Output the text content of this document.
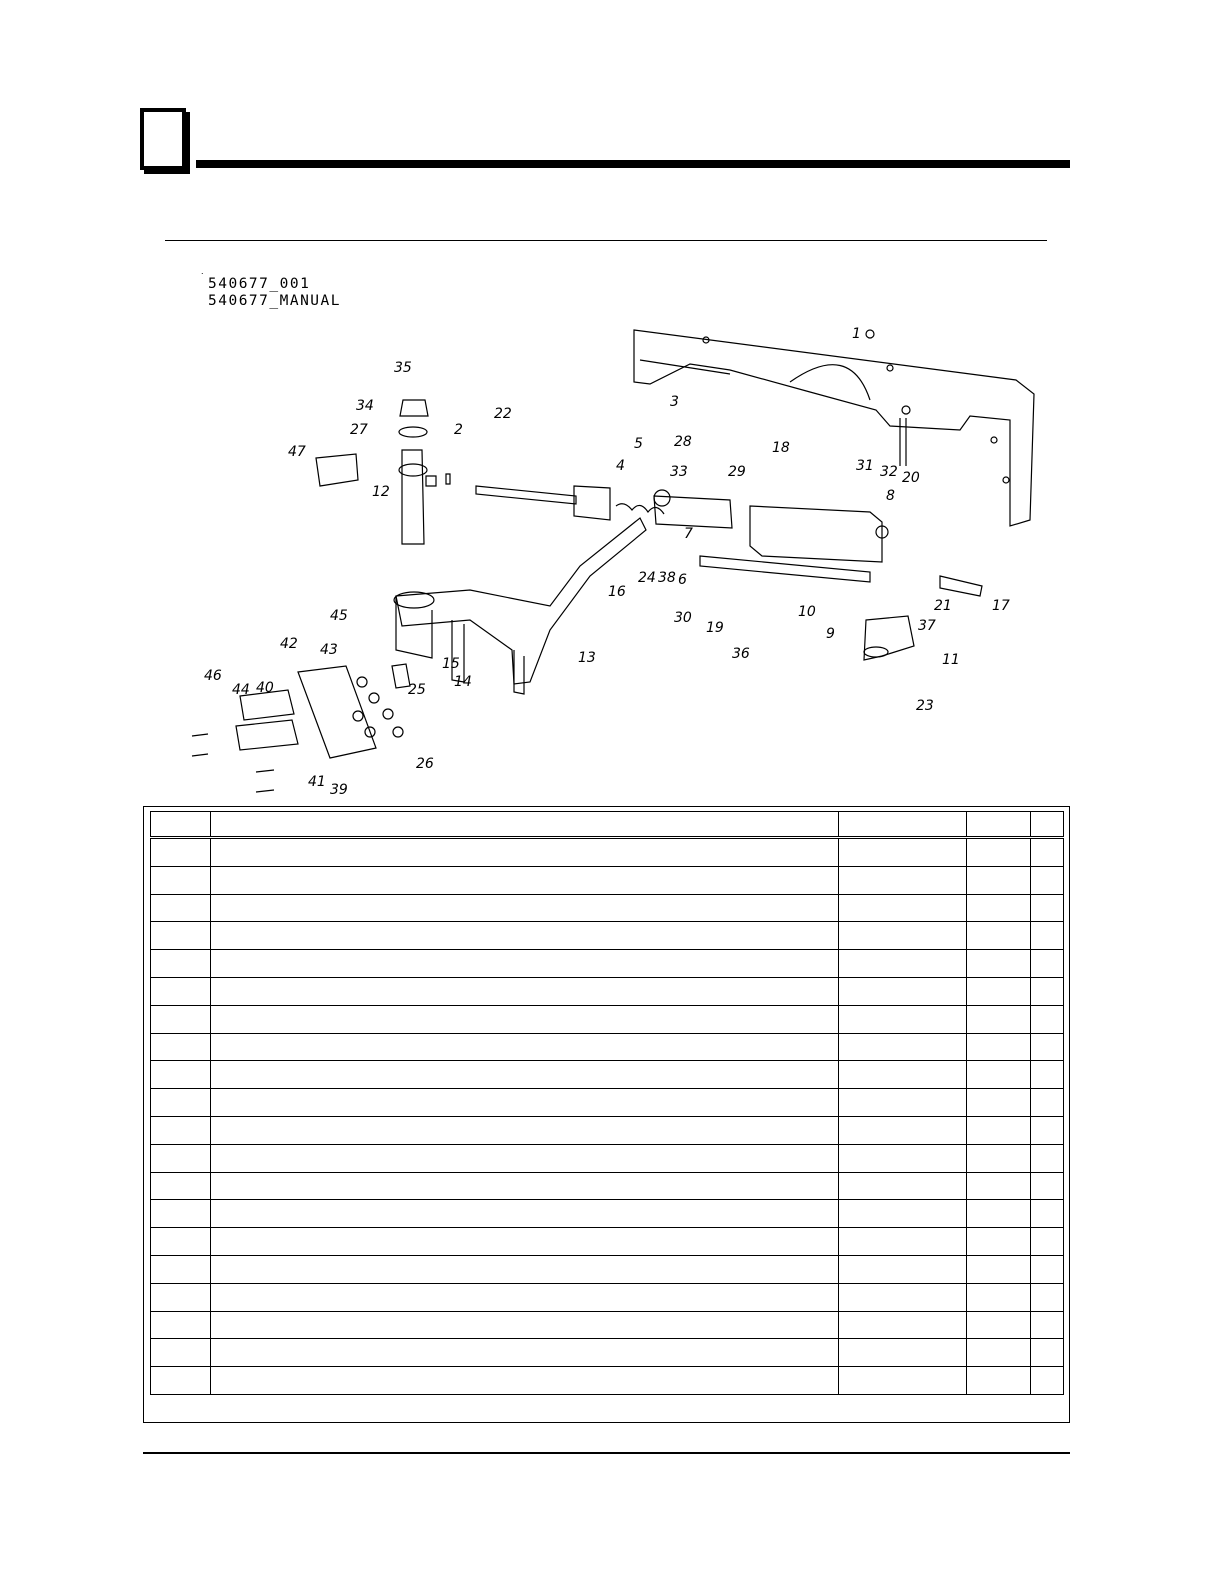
.
540677_001
540677_MANUAL
1
2
3
4
5
6
7
8
9
10
11
12
13
14
15
16
17
18
19
20
21
22
23
24
25
26
27
28
29
30
31 32
33
34
35
36
37
38
39
40
41
42 43
44
45
46
47
